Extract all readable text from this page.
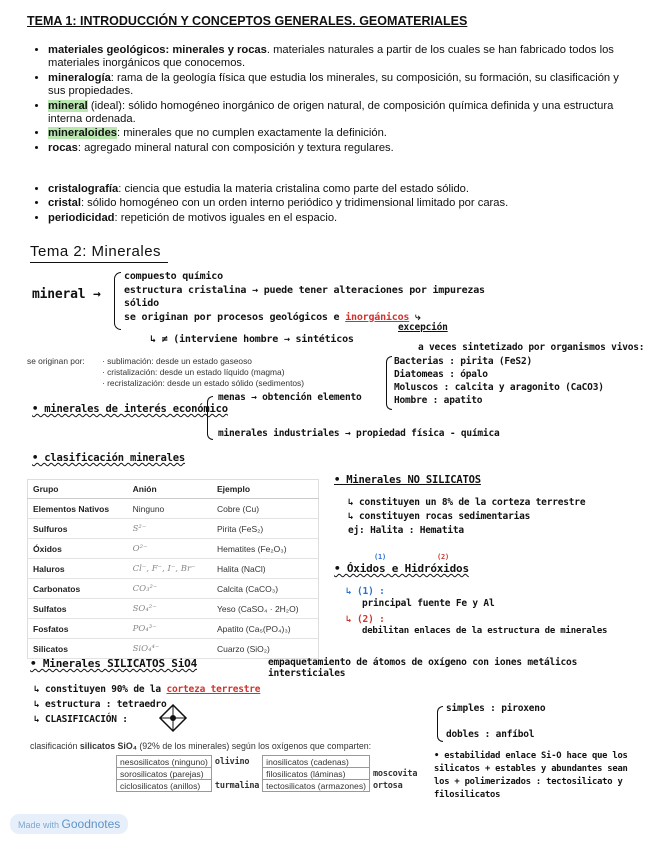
TEMA 1: INTRODUCCIÓN Y CONCEPTOS GENERALES. GEOMATERIALES
• materiales geológicos: minerales y rocas. materiales naturales a partir de los cuales se han fabricado todos los materiales inorgánicos que conocemos.
• mineralogía: rama de la geología física que estudia los minerales, su composición, su formación, su clasificación y sus propiedades.
• mineral (ideal): sólido homogéneo inorgánico de origen natural, de composición química definida y una estructura interna ordenada.
• mineraloides: minerales que no cumplen exactamente la definición.
• rocas: agregado mineral natural con composición y textura regulares.
• cristalografía: ciencia que estudia la materia cristalina como parte del estado sólido.
• cristal: sólido homogéneo con un orden interno periódico y tridimensional limitado por caras.
• periodicidad: repetición de motivos iguales en el espacio.
Tema 2: Minerales
mineral →
compuesto químico
estructura cristalina → puede tener alteraciones por impurezas
sólido
se originan por procesos geológicos e inorgánicos ⤷
excepción
↳ ≠ (interviene hombre → sintéticos
a veces sintetizado por organismos vivos:
Bacterias : pirita (FeS2)
Diatomeas : ópalo
Moluscos : calcita y aragonito (CaCO3)
Hombre : apatito
se originan por: · sublimación: desde un estado gaseoso
· cristalización: desde un estado líquido (magma)
· recristalización: desde un estado sólido (sedimentos)
• minerales de interés económico
menas → obtención elemento
minerales industriales → propiedad física - química
• clasificación minerales
Grupo	Anión	Ejemplo
Elementos Nativos	Ninguno	Cobre (Cu)
Sulfuros	S²⁻	Pirita (FeS₂)
Óxidos	O²⁻	Hematites (Fe₂O₃)
Haluros	Cl⁻, F⁻, I⁻, Br⁻	Halita (NaCl)
Carbonatos	CO₃²⁻	Calcita (CaCO₃)
Sulfatos	SO₄²⁻	Yeso (CaSO₄ · 2H₂O)
Fosfatos	PO₄³⁻	Apatito (Ca₅(PO₄)₃)
Silicatos	SiO₄⁴⁻	Cuarzo (SiO₂)
• Minerales NO SILICATOS
↳ constituyen un 8% de la corteza terrestre
↳ constituyen rocas sedimentarias
ej: Halita : Hematita
(1)	(2)
• Óxidos e Hidróxidos
↳ (1) :
principal fuente Fe y Al
↳ (2) :
debilitan enlaces de la estructura de minerales
• Minerales SILICATOS SiO4	empaquetamiento de átomos de oxígeno con iones metálicos intersticiales
↳ constituyen 90% de la corteza terrestre
↳ estructura : tetraedro
↳ CLASIFICACIÓN :
simples : piroxeno
dobles : anfíbol
clasificación silicatos SiO₄ (92% de los minerales) según los oxígenos que comparten:
nesosilicatos (ninguno)	olivino	inosilicatos (cadenas)	
sorosilicatos (parejas)		filosilicatos (láminas)	moscovita
ciclosilicatos (anillos)	turmalina	tectosilicatos (armazones)	ortosa
• estabilidad enlace Si-O hace que los silicatos + estables y abundantes sean los + polimerizados : tectosilicato y filosilicatos
Made with Goodnotes
